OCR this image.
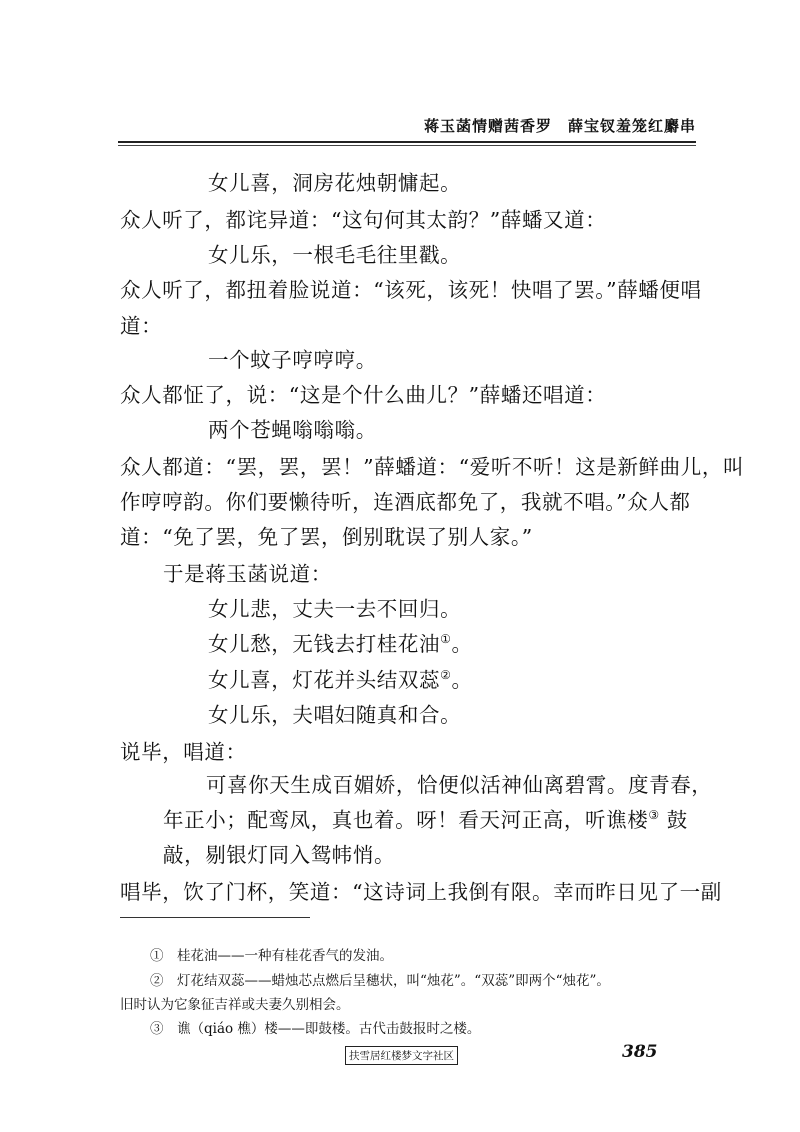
蒋玉菡情赠茜香罗　薛宝钗羞笼红麝串
女儿喜，洞房花烛朝慵起。
众人听了，都诧异道：“这句何其太韵？”薛蟠又道：
女儿乐，一根毛毛往里戳。
众人听了，都扭着脸说道：“该死，该死！快唱了罢。”薛蟠便唱
道：
一个蚊子哼哼哼。
众人都怔了，说：“这是个什么曲儿？”薛蟠还唱道：
两个苍蝇嗡嗡嗡。
众人都道：“罢，罢，罢！”薛蟠道：“爱听不听！这是新鲜曲儿，叫
作哼哼韵。你们要懒待听，连酒底都免了，我就不唱。”众人都
道：“免了罢，免了罢，倒别耽误了别人家。”
于是蒋玉菡说道：
女儿悲，丈夫一去不回归。
女儿愁，无钱去打桂花油①。
女儿喜，灯花并头结双蕊②。
女儿乐，夫唱妇随真和合。
说毕，唱道：
可喜你天生成百媚娇，恰便似活神仙离碧霄。度青春，
年正小；配鸾凤，真也着。呀！看天河正高，听谯楼③ 鼓
敲，剔银灯同入鸳帏悄。
唱毕，饮了门杯，笑道：“这诗词上我倒有限。幸而昨日见了一副
①　桂花油——一种有桂花香气的发油。
②　灯花结双蕊——蜡烛芯点燃后呈穗状，叫“烛花”。“双蕊”即两个“烛花”。
旧时认为它象征吉祥或夫妻久别相会。
③　谯（qiáo 樵）楼——即鼓楼。古代击鼓报时之楼。
扶雪居红楼梦文字社区	385
